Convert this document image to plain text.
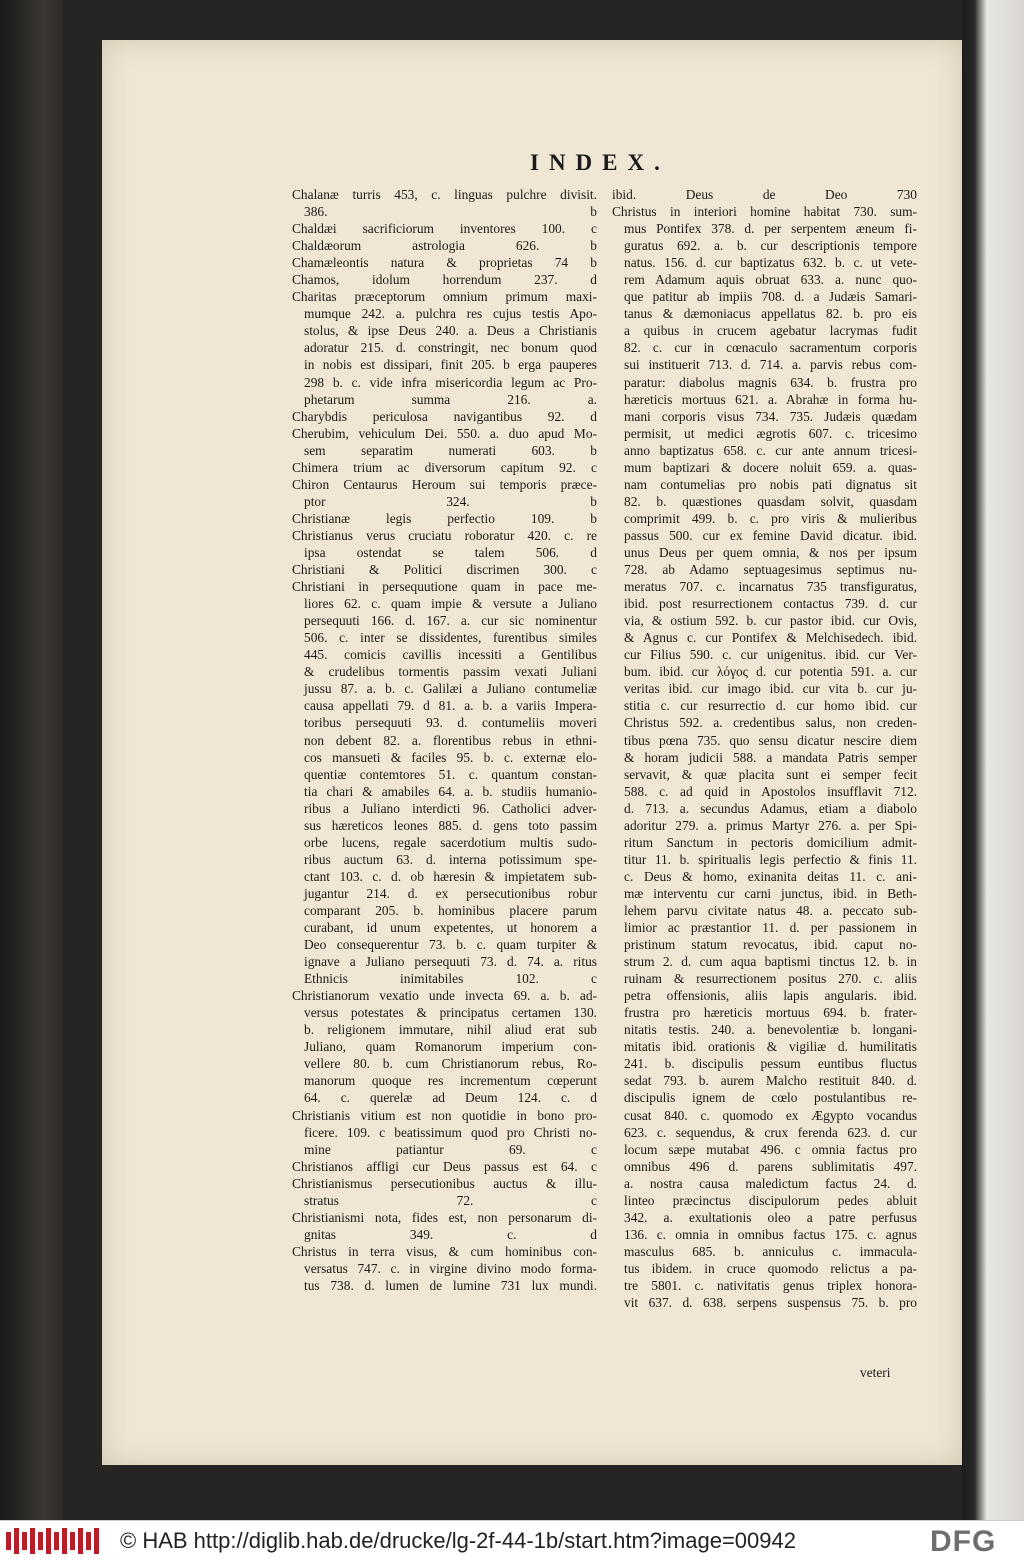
INDEX.
Chalanæ turris 453, c. linguas pulchre divisit.
386. b
Chaldæi sacrificiorum inventores 100. c
Chaldæorum astrologia 626. b
Chamæleontis natura & proprietas 74 b
Chamos, idolum horrendum 237. d
Charitas præceptorum omnium primum maxi-
mumque 242. a. pulchra res cujus testis Apo-
stolus, & ipse Deus 240. a. Deus a Christianis
adoratur 215. d. constringit, nec bonum quod
in nobis est dissipari, finit 205. b erga pauperes
298 b. c. vide infra misericordia legum ac Pro-
phetarum summa 216. a.
Charybdis periculosa navigantibus 92. d
Cherubim, vehiculum Dei. 550. a. duo apud Mo-
sem separatim numerati 603. b
Chimera trium ac diversorum capitum 92. c
Chiron Centaurus Heroum sui temporis præce-
ptor 324. b
Christianæ legis perfectio 109. b
Christianus verus cruciatu roboratur 420. c. re
ipsa ostendat se talem 506. d
Christiani & Politici discrimen 300. c
Christiani in persequutione quam in pace me-
liores 62. c. quam impie & versute a Juliano
persequuti 166. d. 167. a. cur sic nominentur
506. c. inter se dissidentes, furentibus similes
445. comicis cavillis incessiti a Gentilibus
& crudelibus tormentis passim vexati Juliani
jussu 87. a. b. c. Galilæi a Juliano contumeliæ
causa appellati 79. d 81. a. b. a variis Impera-
toribus persequuti 93. d. contumeliis moveri
non debent 82. a. florentibus rebus in ethni-
cos mansueti & faciles 95. b. c. externæ elo-
quentiæ contemtores 51. c. quantum constan-
tia chari & amabiles 64. a. b. studiis humanio-
ribus a Juliano interdicti 96. Catholici adver-
sus hæreticos leones 885. d. gens toto passim
orbe lucens, regale sacerdotium multis sudo-
ribus auctum 63. d. interna potissimum spe-
ctant 103. c. d. ob hæresin & impietatem sub-
jugantur 214. d. ex persecutionibus robur
comparant 205. b. hominibus placere parum
curabant, id unum expetentes, ut honorem a
Deo consequerentur 73. b. c. quam turpiter &
ignave a Juliano persequuti 73. d. 74. a. ritus
Ethnicis inimitabiles 102. c
Christianorum vexatio unde invecta 69. a. b. ad-
versus potestates & principatus certamen 130.
b. religionem immutare, nihil aliud erat sub
Juliano, quam Romanorum imperium con-
vellere 80. b. cum Christianorum rebus, Ro-
manorum quoque res incrementum cœperunt
64. c. querelæ ad Deum 124. c. d
Christianis vitium est non quotidie in bono pro-
ficere. 109. c beatissimum quod pro Christi no-
mine patiantur 69. c
Christianos affligi cur Deus passus est 64. c
Christianismus persecutionibus auctus & illu-
stratus 72. c
Christianismi nota, fides est, non personarum di-
gnitas 349. c. d
Christus in terra visus, & cum hominibus con-
versatus 747. c. in virgine divino modo forma-
tus 738. d. lumen de lumine 731 lux mundi.
ibid. Deus de Deo 730
Christus in interiori homine habitat 730. sum-
mus Pontifex 378. d. per serpentem æneum fi-
guratus 692. a. b. cur descriptionis tempore
natus. 156. d. cur baptizatus 632. b. c. ut vete-
rem Adamum aquis obruat 633. a. nunc quo-
que patitur ab impiis 708. d. a Judæis Samari-
tanus & dæmoniacus appellatus 82. b. pro eis
a quibus in crucem agebatur lacrymas fudit
82. c. cur in cœnaculo sacramentum corporis
sui instituerit 713. d. 714. a. parvis rebus com-
paratur: diabolus magnis 634. b. frustra pro
hæreticis mortuus 621. a. Abrahæ in forma hu-
mani corporis visus 734. 735. Judæis quædam
permisit, ut medici ægrotis 607. c. tricesimo
anno baptizatus 658. c. cur ante annum tricesi-
mum baptizari & docere noluit 659. a. quas-
nam contumelias pro nobis pati dignatus sit
82. b. quæstiones quasdam solvit, quasdam
comprimit 499. b. c. pro viris & mulieribus
passus 500. cur ex femine David dicatur. ibid.
unus Deus per quem omnia, & nos per ipsum
728. ab Adamo septuagesimus septimus nu-
meratus 707. c. incarnatus 735 transfiguratus,
ibid. post resurrectionem contactus 739. d. cur
via, & ostium 592. b. cur pastor ibid. cur Ovis,
& Agnus c. cur Pontifex & Melchisedech. ibid.
cur Filius 590. c. cur unigenitus. ibid. cur Ver-
bum. ibid. cur λόγος d. cur potentia 591. a. cur
veritas ibid. cur imago ibid. cur vita b. cur ju-
stitia c. cur resurrectio d. cur homo ibid. cur
Christus 592. a. credentibus salus, non creden-
tibus pœna 735. quo sensu dicatur nescire diem
& horam judicii 588. a mandata Patris semper
servavit, & quæ placita sunt ei semper fecit
588. c. ad quid in Apostolos insufflavit 712.
d. 713. a. secundus Adamus, etiam a diabolo
adoritur 279. a. primus Martyr 276. a. per Spi-
ritum Sanctum in pectoris domicilium admit-
titur 11. b. spiritualis legis perfectio & finis 11.
c. Deus & homo, exinanita deitas 11. c. ani-
mæ interventu cur carni junctus, ibid. in Beth-
lehem parvu civitate natus 48. a. peccato sub-
limior ac præstantior 11. d. per passionem in
pristinum statum revocatus, ibid. caput no-
strum 2. d. cum aqua baptismi tinctus 12. b. in
ruinam & resurrectionem positus 270. c. aliis
petra offensionis, aliis lapis angularis. ibid.
frustra pro hæreticis mortuus 694. b. frater-
nitatis testis. 240. a. benevolentiæ b. longani-
mitatis ibid. orationis & vigiliæ d. humilitatis
241. b. discipulis pessum euntibus fluctus
sedat 793. b. aurem Malcho restituit 840. d.
discipulis ignem de cœlo postulantibus re-
cusat 840. c. quomodo ex Ægypto vocandus
623. c. sequendus, & crux ferenda 623. d. cur
locum sæpe mutabat 496. c omnia factus pro
omnibus 496 d. parens sublimitatis 497.
a. nostra causa maledictum factus 24. d.
linteo præcinctus discipulorum pedes abluit
342. a. exultationis oleo a patre perfusus
136. c. omnia in omnibus factus 175. c. agnus
masculus 685. b. anniculus c. immacula-
tus ibidem. in cruce quomodo relictus a pa-
tre 5801. c. nativitatis genus triplex honora-
vit 637. d. 638. serpens suspensus 75. b. pro
veteri
© HAB http://diglib.hab.de/drucke/lg-2f-44-1b/start.htm?image=00942	DFG
